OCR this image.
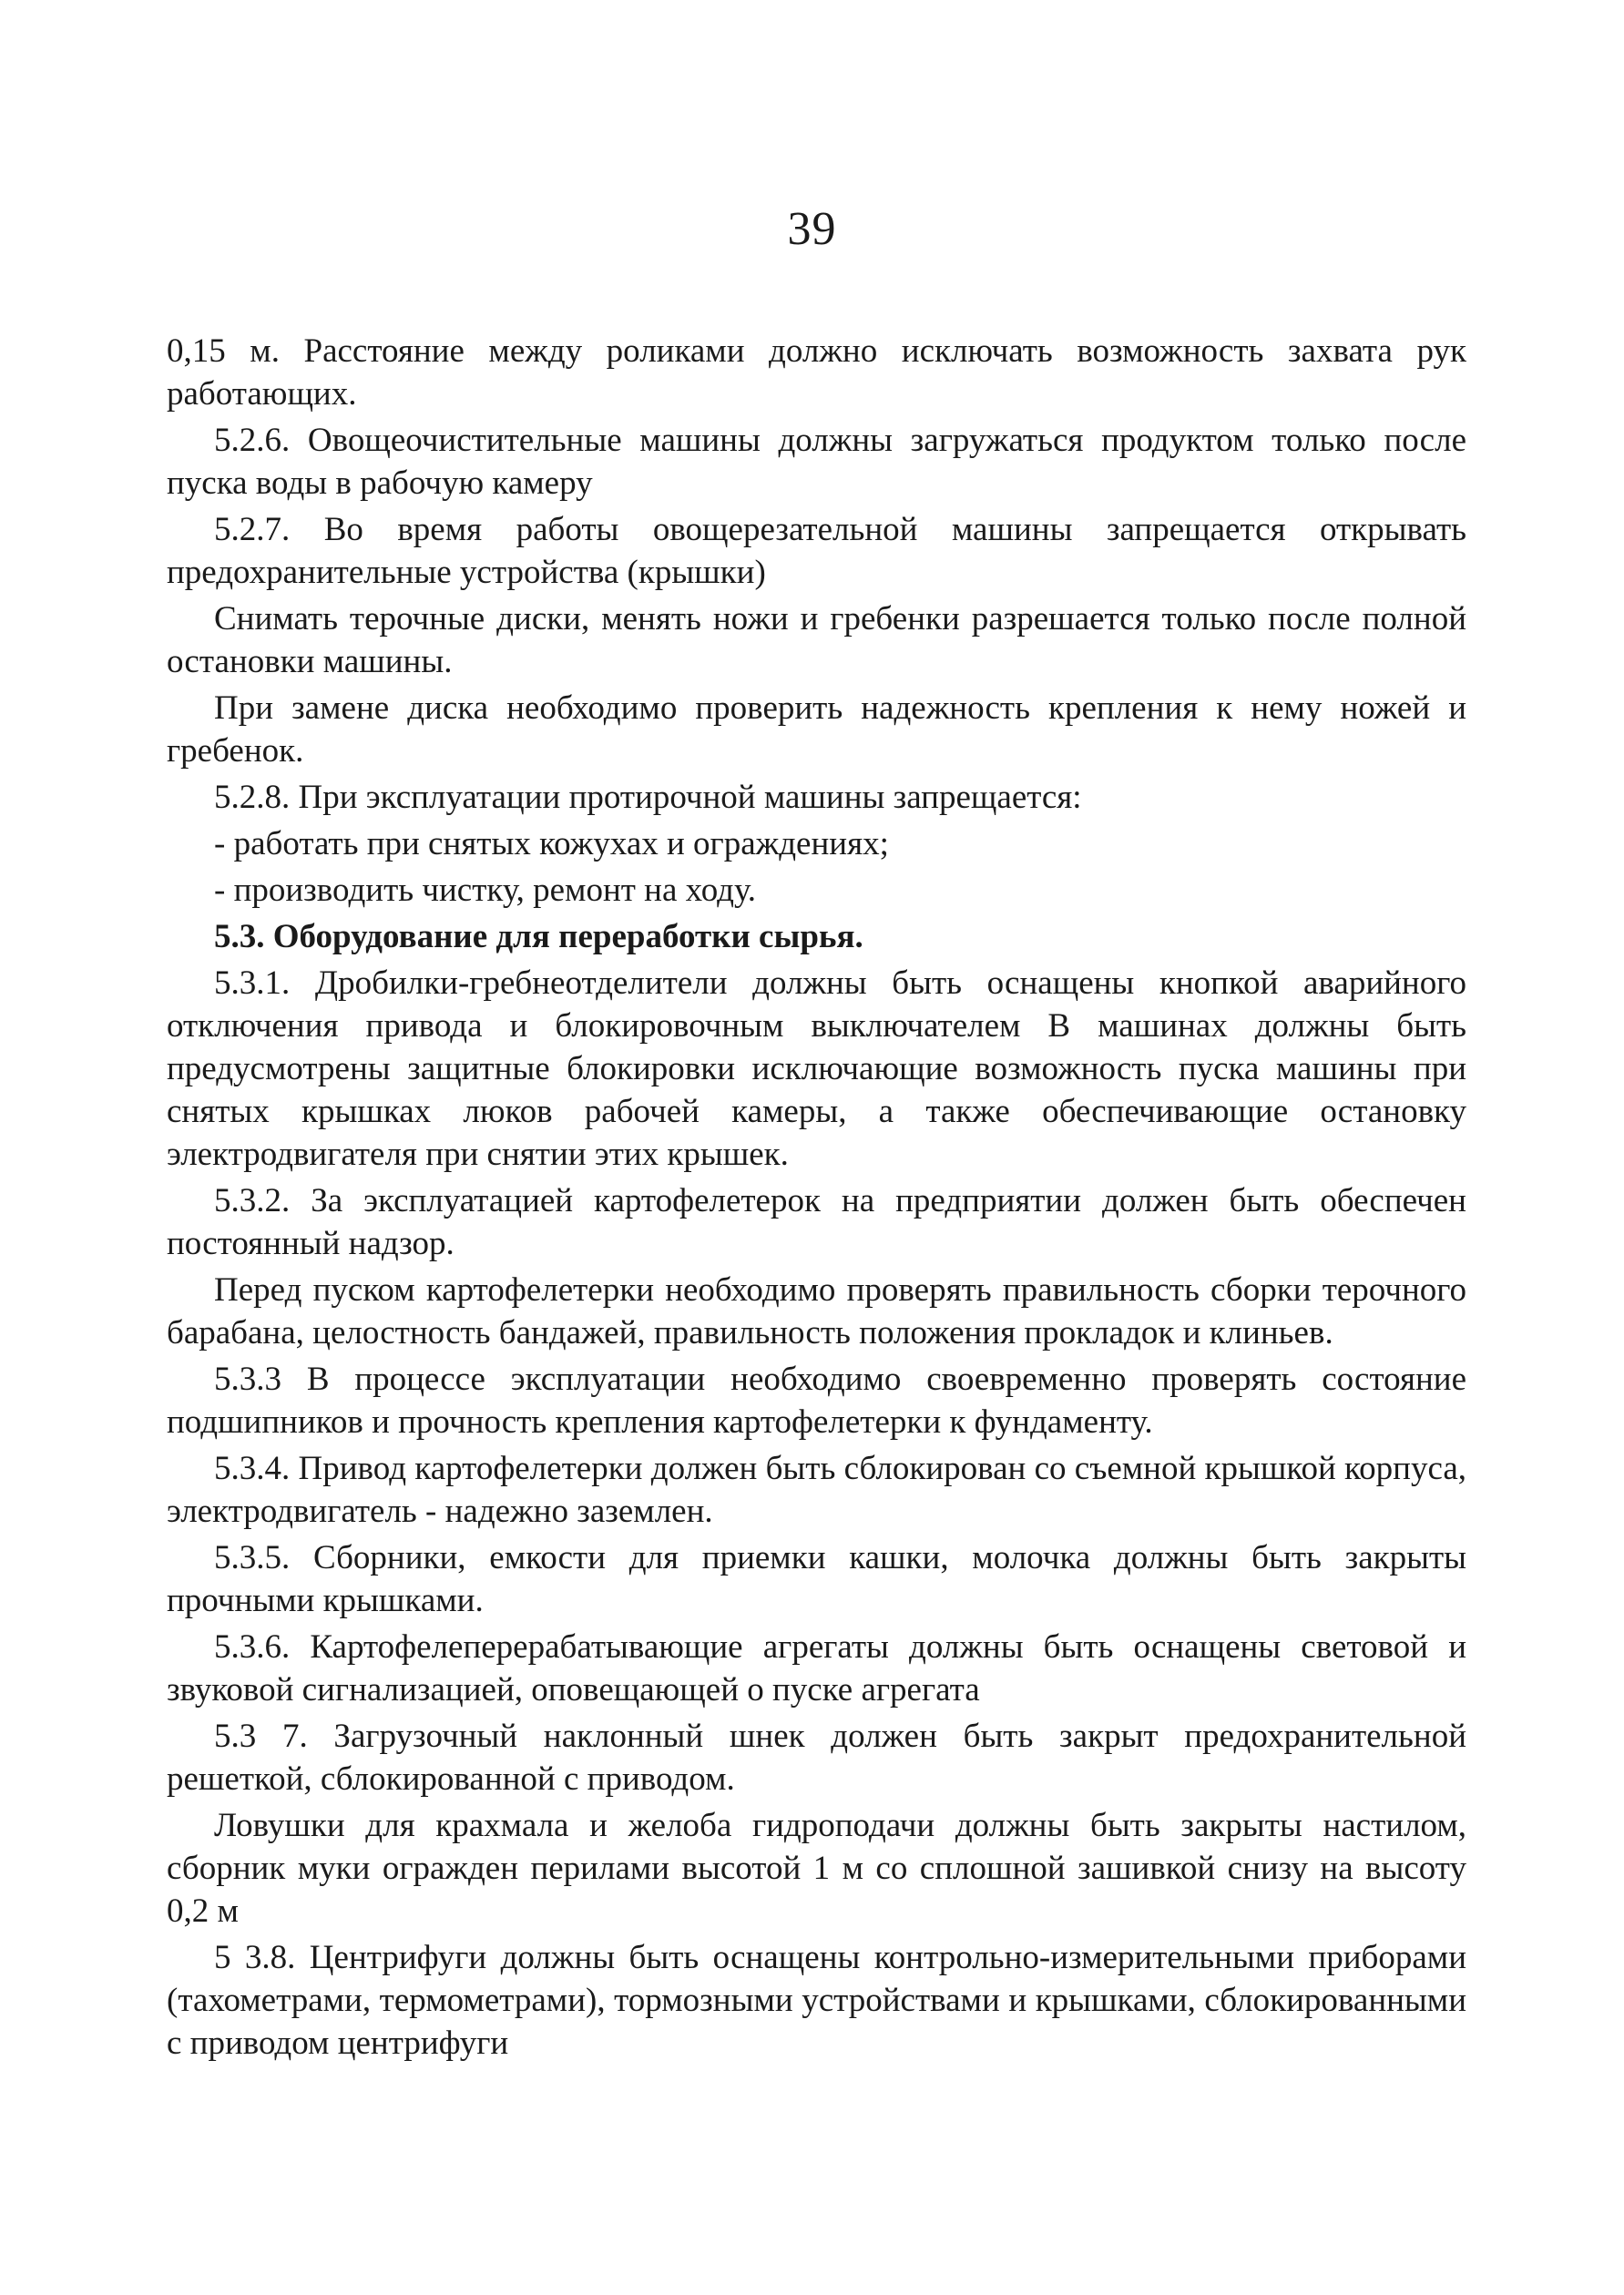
39

0,15 м. Расстояние между роликами должно исключать возможность захвата рук работающих.

5.2.6. Овощеочистительные машины должны загружаться продуктом только после пуска воды в рабочую камеру

5.2.7. Во время работы овощерезательной машины запрещается открывать предохранительные устройства (крышки)

Снимать терочные диски, менять ножи и гребенки разрешается только после полной остановки машины.

При замене диска необходимо проверить надежность крепления к нему ножей и гребенок.

5.2.8. При эксплуатации протирочной машины запрещается:

- работать при снятых кожухах и ограждениях;

- производить чистку, ремонт на ходу.

5.3. Оборудование для переработки сырья.

5.3.1. Дробилки-гребнеотделители должны быть оснащены кнопкой аварийного отключения привода и блокировочным выключателем В машинах должны быть предусмотрены защитные блокировки исключающие возможность пуска машины при снятых крышках люков рабочей камеры, а также обеспечивающие остановку электродвигателя при снятии этих крышек.

5.3.2. За эксплуатацией картофелетерок на предприятии должен быть обеспечен постоянный надзор.

Перед пуском картофелетерки необходимо проверять правильность сборки терочного барабана, целостность бандажей, правильность положения прокладок и клиньев.

5.3.3 В процессе эксплуатации необходимо своевременно проверять состояние подшипников и прочность крепления картофелетерки к фундаменту.

5.3.4. Привод картофелетерки должен быть сблокирован со съемной крышкой корпуса, электродвигатель - надежно заземлен.

5.3.5. Сборники, емкости для приемки кашки, молочка должны быть закрыты прочными крышками.

5.3.6. Картофелеперерабатывающие агрегаты должны быть оснащены световой и звуковой сигнализацией, оповещающей о пуске агрегата

5.3 7. Загрузочный наклонный шнек должен быть закрыт предохранительной решеткой, сблокированной с приводом.

Ловушки для крахмала и желоба гидроподачи должны быть закрыты настилом, сборник муки огражден перилами высотой 1 м со сплошной зашивкой снизу на высоту 0,2 м

5 3.8. Центрифуги должны быть оснащены контрольно-измерительными приборами (тахометрами, термометрами), тормозными устройствами и крышками, сблокированными с приводом центрифуги
